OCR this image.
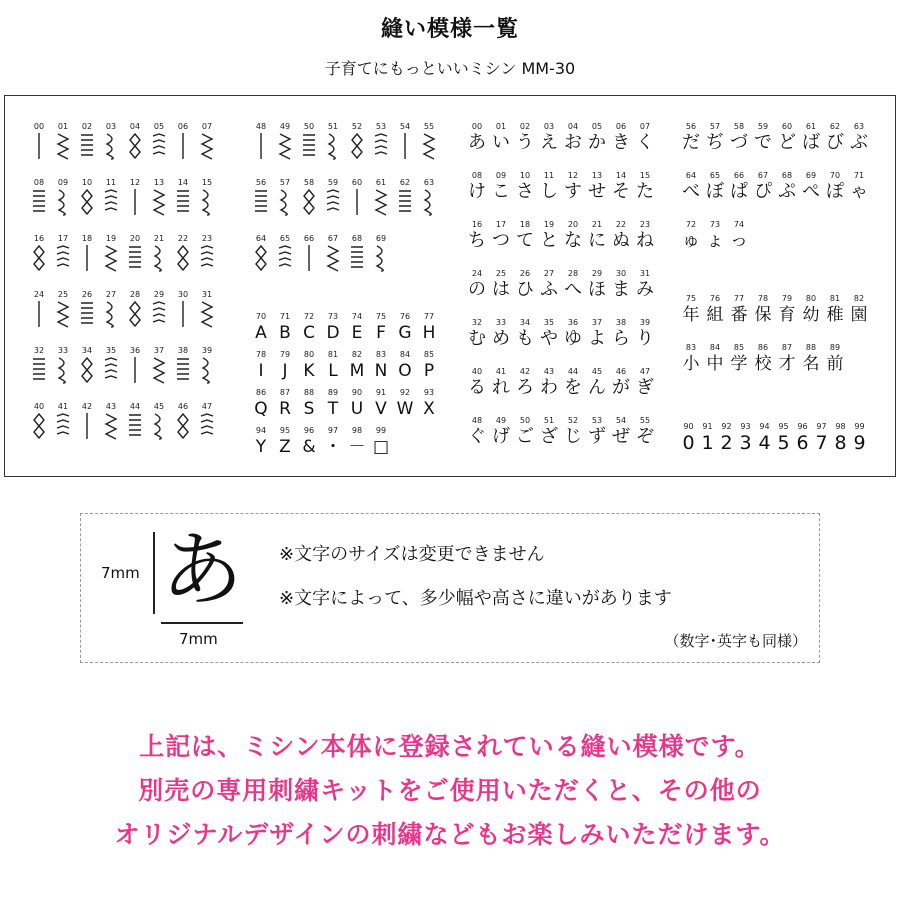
縫い模様一覧
子育てにもっといいミシン MM-30
00 01 02 03 04 05 06 07
08 09 10 11 12 13 14 15
16 17 18 19 20 21 22 23
24 25 26 27 28 29 30 31
32 33 34 35 36 37 38 39
40 41 42 43 44 45 46 47
48 49 50 51 52 53 54 55
56 57 58 59 60 61 62 63
64 65 66 67 68 69
70
A
71
B
72
C
73
D
74
E
75
F
76
G
77
H
78
I
79
J
80
K
81
L
82
M
83
N
84
O
85
P
86
Q
87
R
88
S
89
T
90
U
91
V
92
W
93
X
94
Y
95
Z
96
&
97
・
98
－
99
□
00
あ
01
い
02
う
03
え
04
お
05
か
06
き
07
く
08
け
09
こ
10
さ
11
し
12
す
13
せ
14
そ
15
た
16
ち
17
つ
18
て
19
と
20
な
21
に
22
ぬ
23
ね
24
の
25
は
26
ひ
27
ふ
28
へ
29
ほ
30
ま
31
み
32
む
33
め
34
も
35
や
36
ゆ
37
よ
38
ら
39
り
40
る
41
れ
42
ろ
43
わ
44
を
45
ん
46
が
47
ぎ
48
ぐ
49
げ
50
ご
51
ざ
52
じ
53
ず
54
ぜ
55
ぞ
56
だ
57
ぢ
58
づ
59
で
60
ど
61
ば
62
び
63
ぶ
64
べ
65
ぼ
66
ぱ
67
ぴ
68
ぷ
69
ぺ
70
ぽ
71
ゃ
72
ゅ
73
ょ
74
っ
75
年
76
組
77
番
78
保
79
育
80
幼
81
稚
82
園
83
小
84
中
85
学
86
校
87
才
88
名
89
前
90
0
91
1
92
2
93
3
94
4
95
5
96
6
97
7
98
8
99
9
7mm
7mm
あ ※文字のサイズは変更できません
※文字によって、多少幅や高さに違いがあります
（数字･英字も同様）
上記は、ミシン本体に登録されている縫い模様です。
別売の専用刺繍キットをご使用いただくと、その他の
オリジナルデザインの刺繍などもお楽しみいただけます。
